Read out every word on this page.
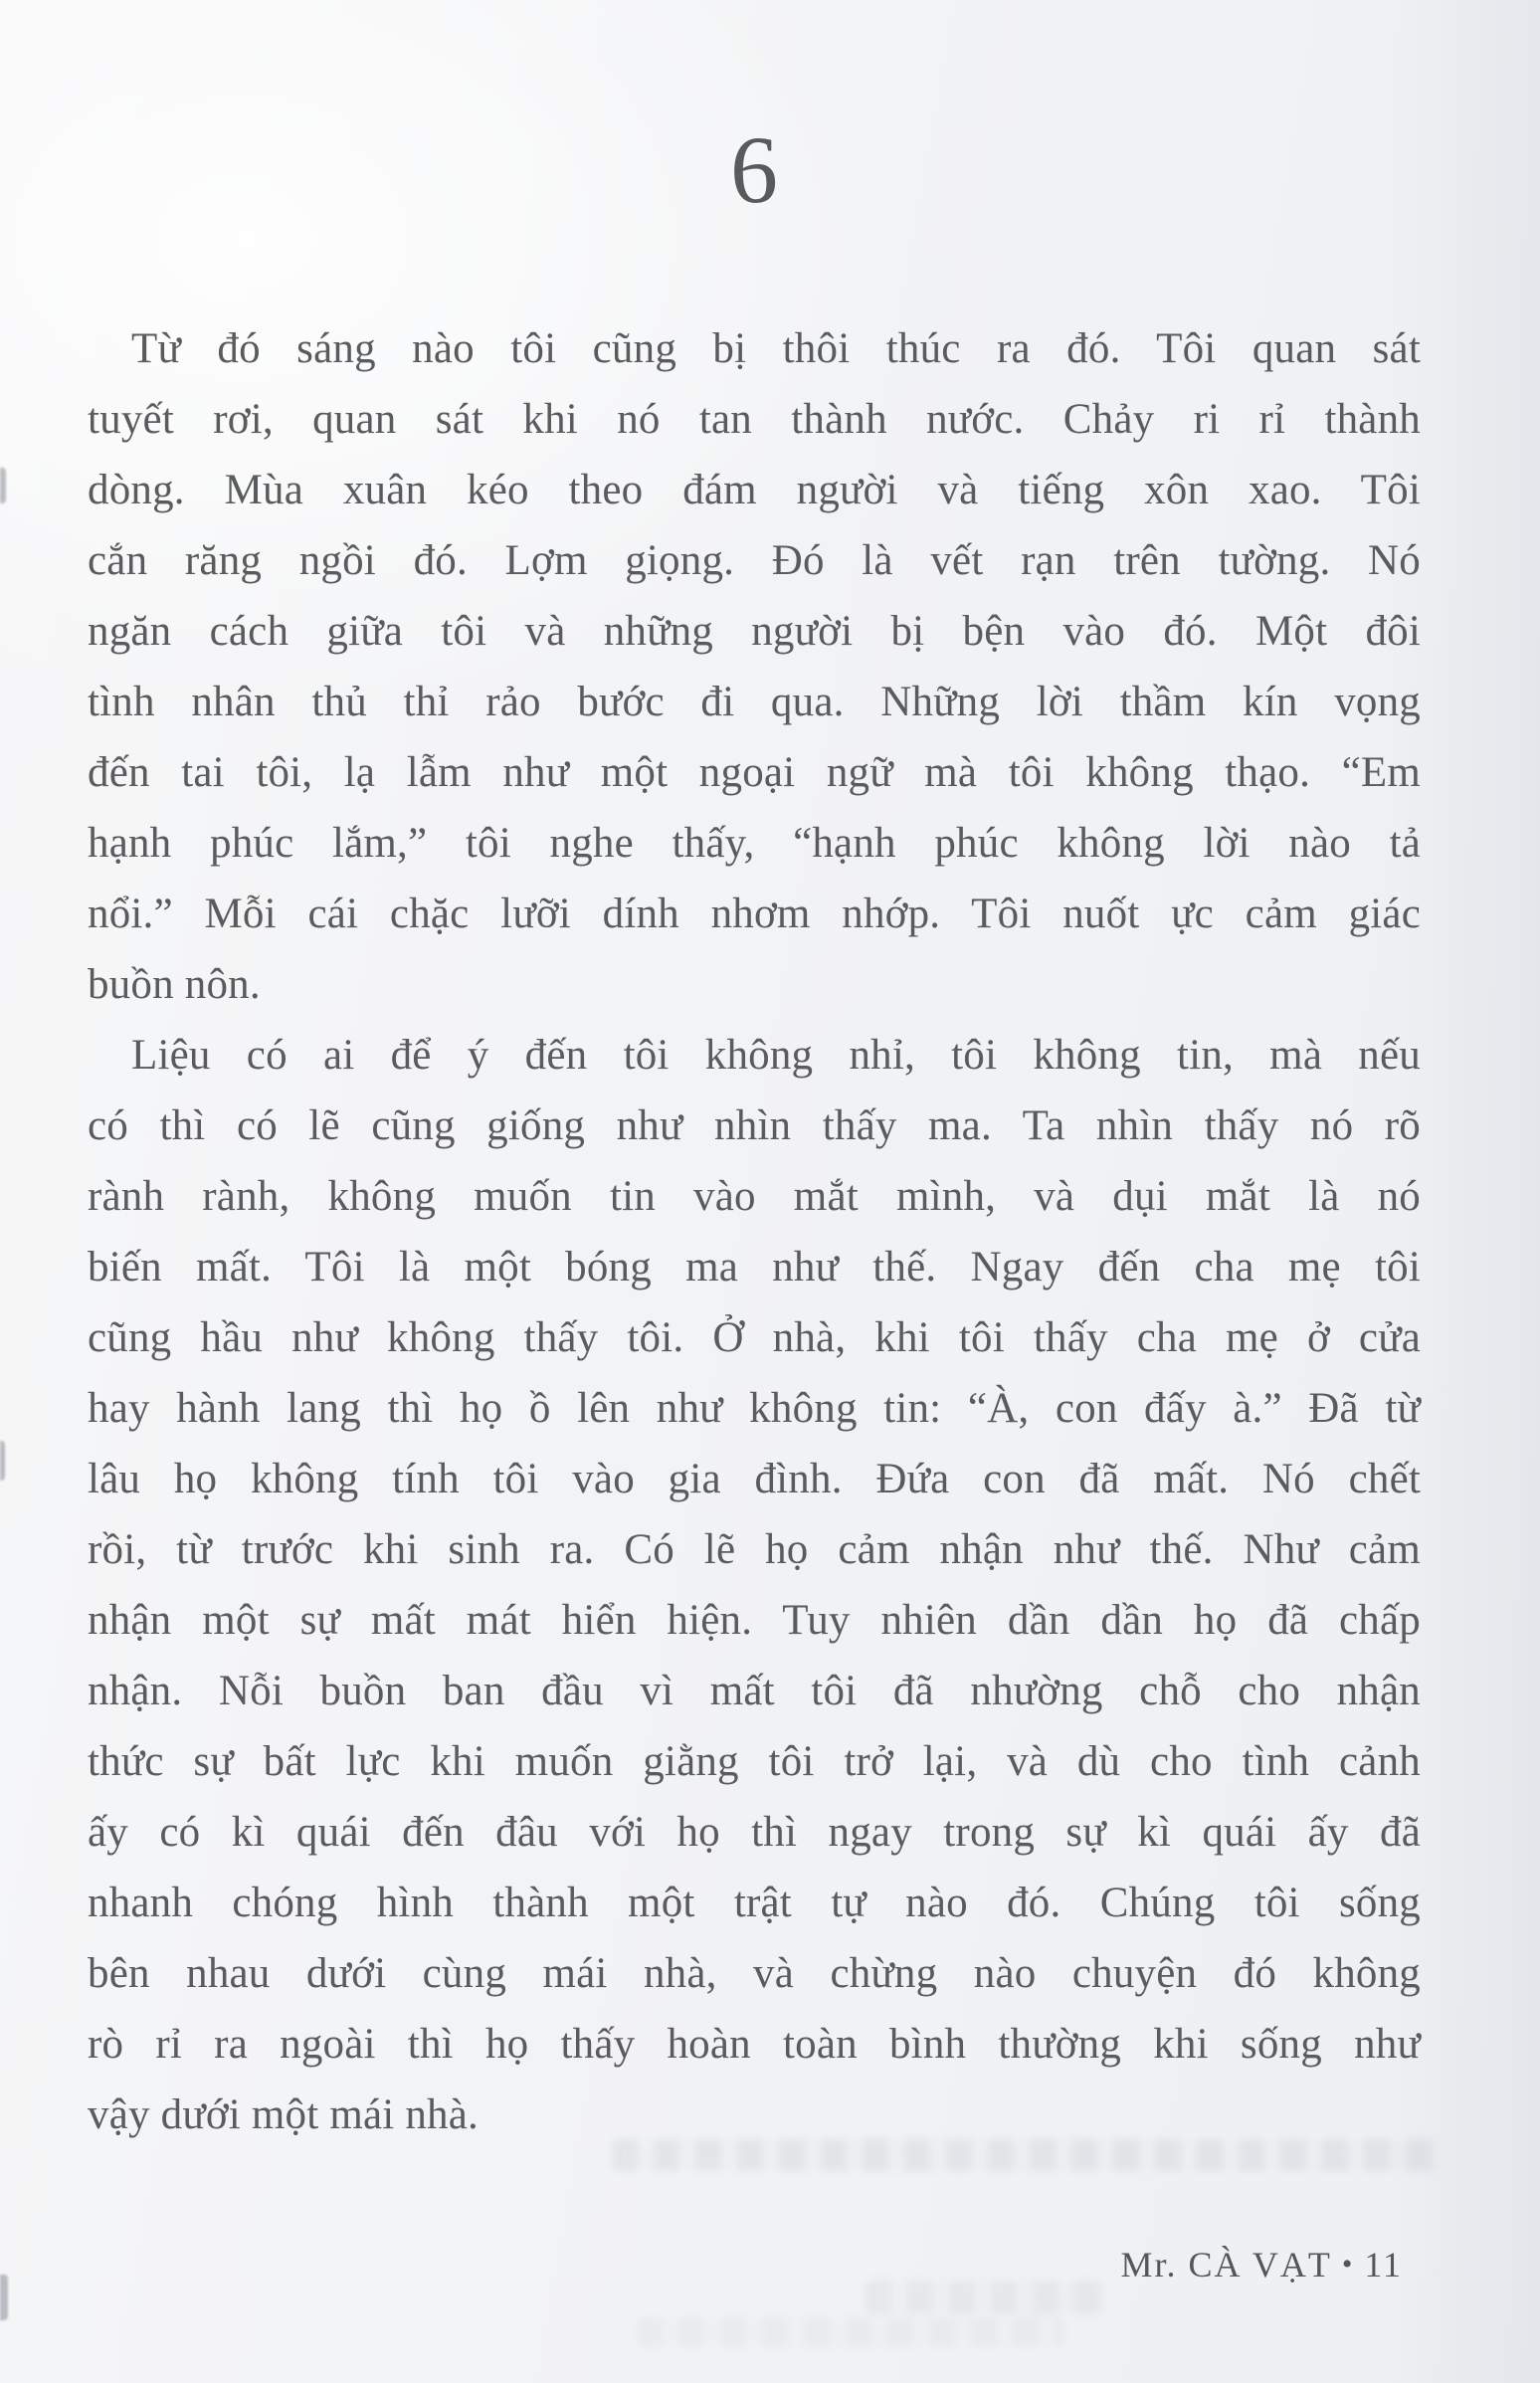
6
Từ đó sáng nào tôi cũng bị thôi thúc ra đó. Tôi quan sát
tuyết rơi, quan sát khi nó tan thành nước. Chảy ri rỉ thành
dòng. Mùa xuân kéo theo đám người và tiếng xôn xao. Tôi
cắn răng ngồi đó. Lợm giọng. Đó là vết rạn trên tường. Nó
ngăn cách giữa tôi và những người bị bện vào đó. Một đôi
tình nhân thủ thỉ rảo bước đi qua. Những lời thầm kín vọng
đến tai tôi, lạ lẫm như một ngoại ngữ mà tôi không thạo. “Em
hạnh phúc lắm,” tôi nghe thấy, “hạnh phúc không lời nào tả
nổi.” Mỗi cái chặc lưỡi dính nhơm nhớp. Tôi nuốt ực cảm giác
buồn nôn.
Liệu có ai để ý đến tôi không nhỉ, tôi không tin, mà nếu
có thì có lẽ cũng giống như nhìn thấy ma. Ta nhìn thấy nó rõ
rành rành, không muốn tin vào mắt mình, và dụi mắt là nó
biến mất. Tôi là một bóng ma như thế. Ngay đến cha mẹ tôi
cũng hầu như không thấy tôi. Ở nhà, khi tôi thấy cha mẹ ở cửa
hay hành lang thì họ ồ lên như không tin: “À, con đấy à.” Đã từ
lâu họ không tính tôi vào gia đình. Đứa con đã mất. Nó chết
rồi, từ trước khi sinh ra. Có lẽ họ cảm nhận như thế. Như cảm
nhận một sự mất mát hiển hiện. Tuy nhiên dần dần họ đã chấp
nhận. Nỗi buồn ban đầu vì mất tôi đã nhường chỗ cho nhận
thức sự bất lực khi muốn giằng tôi trở lại, và dù cho tình cảnh
ấy có kì quái đến đâu với họ thì ngay trong sự kì quái ấy đã
nhanh chóng hình thành một trật tự nào đó. Chúng tôi sống
bên nhau dưới cùng mái nhà, và chừng nào chuyện đó không
rò rỉ ra ngoài thì họ thấy hoàn toàn bình thường khi sống như
vậy dưới một mái nhà.
Mr. CÀ VẠT • 11
